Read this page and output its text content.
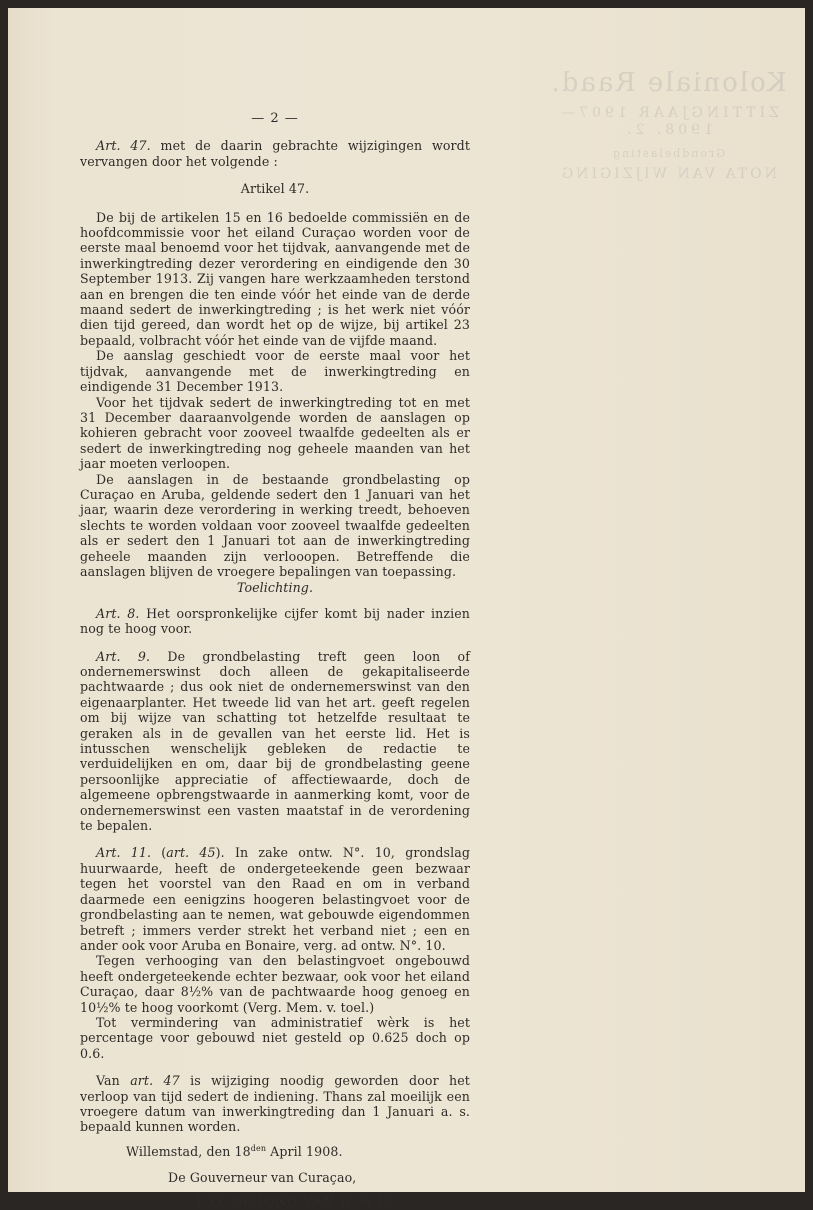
Koloniale Raad.
ZITTINGJAAR 1907—1908. 2.
Grondbelasting
NOTA VAN WIJZIGING
— 2 —

Art. 47. met de daarin gebrachte wijzigingen wordt vervangen door het volgende :

Artikel 47.

De bij de artikelen 15 en 16 bedoelde commissiën en de hoofdcommissie voor het eiland Curaçao worden voor de eerste maal benoemd voor het tijdvak, aanvangende met de inwerkingtreding dezer verordering en eindigende den 30 September 1913. Zij vangen hare werkzaamheden terstond aan en brengen die ten einde vóór het einde van de derde maand sedert de inwerkingtreding ; is het werk niet vóór dien tijd gereed, dan wordt het op de wijze, bij artikel 23 bepaald, volbracht vóór het einde van de vijfde maand.

De aanslag geschiedt voor de eerste maal voor het tijdvak, aanvangende met de inwerkingtreding en eindigende 31 December 1913.

Voor het tijdvak sedert de inwerkingtreding tot en met 31 December daaraanvolgende worden de aanslagen op kohieren gebracht voor zooveel twaalfde gedeelten als er sedert de inwerkingtreding nog geheele maanden van het jaar moeten verloopen.

De aanslagen in de bestaande grondbelasting op Curaçao en Aruba, geldende sedert den 1 Januari van het jaar, waarin deze verordering in werking treedt, behoeven slechts te worden voldaan voor zooveel twaalfde gedeelten als er sedert den 1 Januari tot aan de inwerkingtreding geheele maanden zijn verlooopen. Betreffende die aanslagen blijven de vroegere bepalingen van toepassing.

Toelichting.

Art. 8. Het oorspronkelijke cijfer komt bij nader inzien nog te hoog voor.

Art. 9. De grondbelasting treft geen loon of ondernemerswinst doch alleen de gekapitaliseerde pachtwaarde ; dus ook niet de ondernemerswinst van den eigenaarplanter. Het tweede lid van het art. geeft regelen om bij wijze van schatting tot hetzelfde resultaat te geraken als in de gevallen van het eerste lid. Het is intusschen wenschelijk gebleken de redactie te verduidelijken en om, daar bij de grondbelasting geene persoonlijke appreciatie of affectiewaarde, doch de algemeene opbrengstwaarde in aanmerking komt, voor de ondernemerswinst een vasten maatstaf in de verordening te bepalen.

Art. 11. (art. 45). In zake ontw. N°. 10, grondslag huurwaarde, heeft de ondergeteekende geen bezwaar tegen het voorstel van den Raad en om in verband daarmede een eenigzins hoogeren belastingvoet voor de grondbelasting aan te nemen, wat gebouwde eigendommen betreft ; immers verder strekt het verband niet ; een en ander ook voor Aruba en Bonaire, verg. ad ontw. N°. 10.

Tegen verhooging van den belastingvoet ongebouwd heeft ondergeteekende echter bezwaar, ook voor het eiland Curaçao, daar 8½% van de pachtwaarde hoog genoeg en 10½% te hoog voorkomt (Verg. Mem. v. toel.)

Tot vermindering van administratief wèrk is het percentage voor gebouwd niet gesteld op 0.625 doch op 0.6.

Van art. 47 is wijziging noodig geworden door het verloop van tijd sedert de indiening. Thans zal moeilijk een vroegere datum van inwerkingtreding dan 1 Januari a. s. bepaald kunnen worden.

Willemstad, den $18^{den}$ April 1908.

De Gouverneur van Curaçao,

J. O. DE JONG VAN B. & D.
